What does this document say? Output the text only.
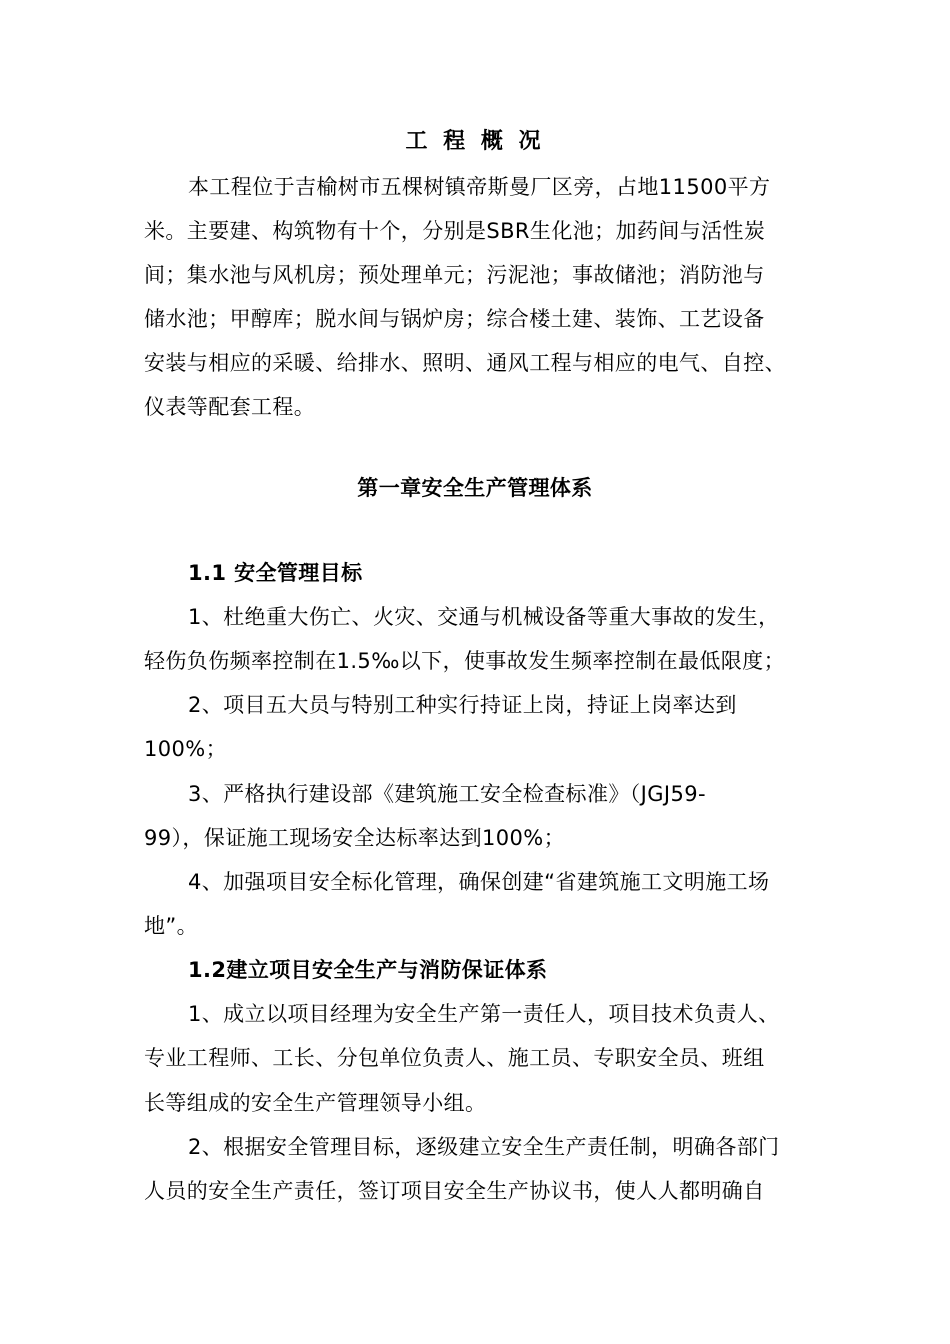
工 程 概 况
本工程位于吉榆树市五棵树镇帝斯曼厂区旁，占地11500平方
米。主要建、构筑物有十个，分别是SBR生化池；加药间与活性炭
间；集水池与风机房；预处理单元；污泥池；事故储池；消防池与
储水池；甲醇库；脱水间与锅炉房；综合楼土建、装饰、工艺设备
安装与相应的采暖、给排水、照明、通风工程与相应的电气、自控、
仪表等配套工程。
第一章安全生产管理体系
1.1 安全管理目标
1、杜绝重大伤亡、火灾、交通与机械设备等重大事故的发生，
轻伤负伤频率控制在1.5‰以下，使事故发生频率控制在最低限度；
2、项目五大员与特别工种实行持证上岗，持证上岗率达到
100%；
3、严格执行建设部《建筑施工安全检查标准》（JGJ59-
99），保证施工现场安全达标率达到100%；
4、加强项目安全标化管理，确保创建“省建筑施工文明施工场
地”。
1.2建立项目安全生产与消防保证体系
1、成立以项目经理为安全生产第一责任人，项目技术负责人、
专业工程师、工长、分包单位负责人、施工员、专职安全员、班组
长等组成的安全生产管理领导小组。
2、根据安全管理目标，逐级建立安全生产责任制，明确各部门
人员的安全生产责任，签订项目安全生产协议书，使人人都明确自
